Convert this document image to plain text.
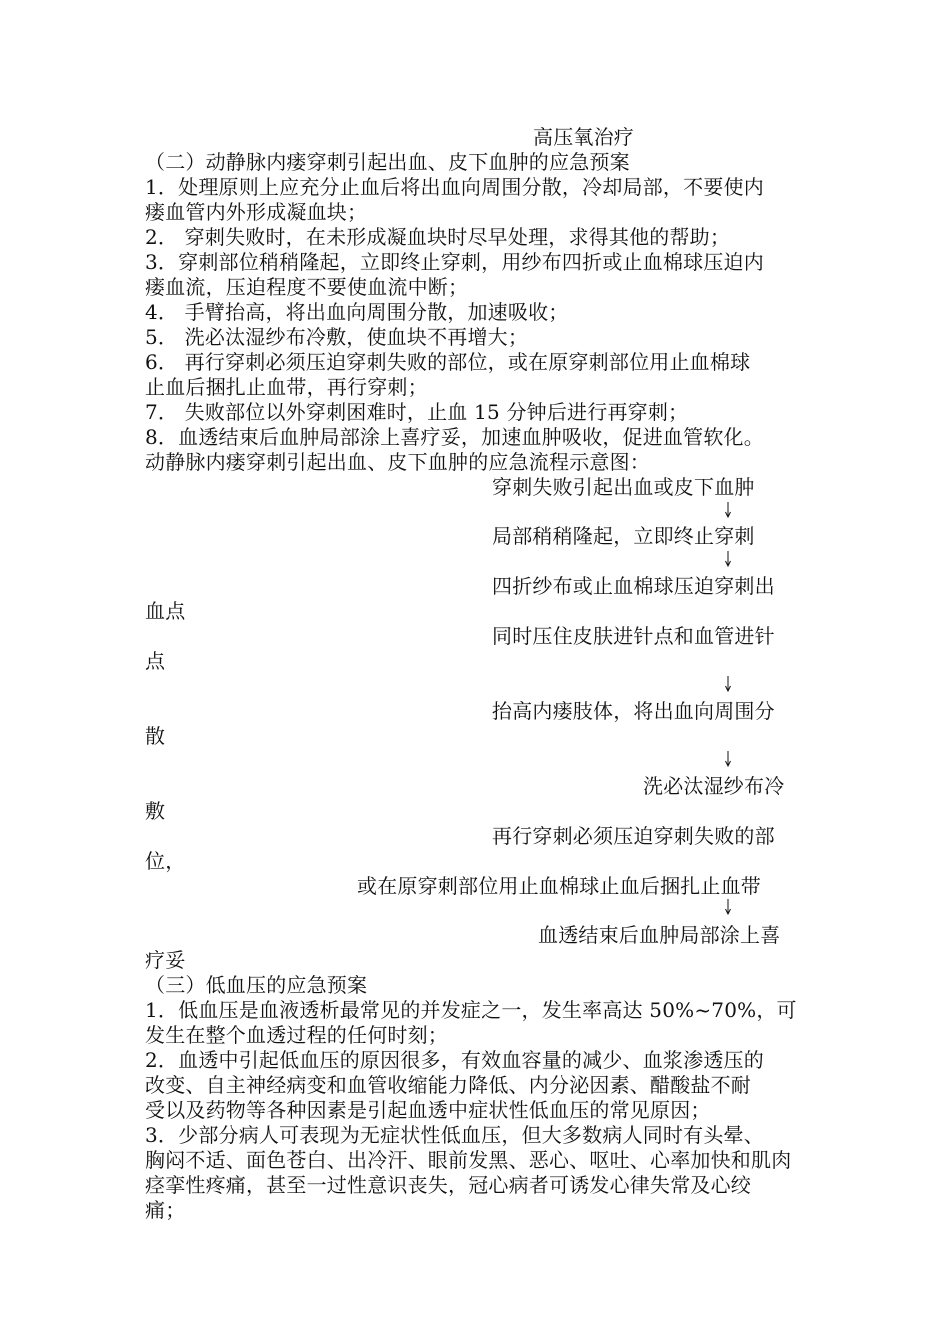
高压氧治疗
（二）动静脉内瘘穿刺引起出血、皮下血肿的应急预案
1．处理原则上应充分止血后将出血向周围分散，冷却局部，不要使内
瘘血管内外形成凝血块；
2． 穿刺失败时，在未形成凝血块时尽早处理，求得其他的帮助；
3．穿刺部位稍稍隆起，立即终止穿刺，用纱布四折或止血棉球压迫内
瘘血流，压迫程度不要使血流中断；
4． 手臂抬高，将出血向周围分散，加速吸收；
5． 洗必汰湿纱布冷敷，使血块不再增大；
6． 再行穿刺必须压迫穿刺失败的部位，或在原穿刺部位用止血棉球
止血后捆扎止血带，再行穿刺；
7． 失败部位以外穿刺困难时，止血 15 分钟后进行再穿刺；
8．血透结束后血肿局部涂上喜疗妥，加速血肿吸收，促进血管软化。
动静脉内瘘穿刺引起出血、皮下血肿的应急流程示意图：
穿刺失败引起出血或皮下血肿
局部稍稍隆起，立即终止穿刺
四折纱布或止血棉球压迫穿刺出
血点
同时压住皮肤进针点和血管进针
点
抬高内瘘肢体，将出血向周围分
散
洗必汰湿纱布冷
敷
再行穿刺必须压迫穿刺失败的部
位，
或在原穿刺部位用止血棉球止血后捆扎止血带
血透结束后血肿局部涂上喜
疗妥
（三）低血压的应急预案
1．低血压是血液透析最常见的并发症之一，发生率高达 50%~70%，可
发生在整个血透过程的任何时刻；
2．血透中引起低血压的原因很多，有效血容量的减少、血浆渗透压的
改变、自主神经病变和血管收缩能力降低、内分泌因素、醋酸盐不耐
受以及药物等各种因素是引起血透中症状性低血压的常见原因；
3．少部分病人可表现为无症状性低血压，但大多数病人同时有头晕、
胸闷不适、面色苍白、出冷汗、眼前发黑、恶心、呕吐、心率加快和肌肉
痉挛性疼痛，甚至一过性意识丧失，冠心病者可诱发心律失常及心绞
痛；
